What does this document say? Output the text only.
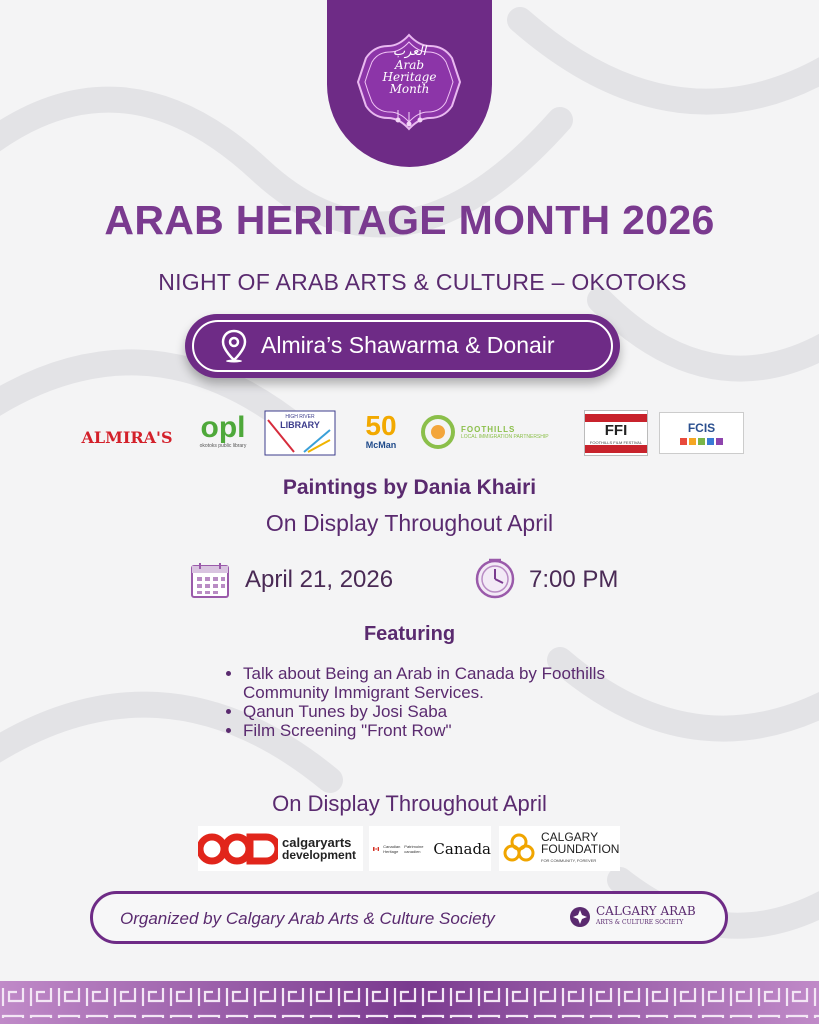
العرب
Arab
Heritage
Month
ARAB HERITAGE MONTH 2026
NIGHT OF ARAB ARTS & CULTURE – OKOTOKS
Almira’s Shawarma & Donair
ALMIRA'S opl
okotoks public library
HIGH RIVER
LIBRARY	50
McMan
FOOTHILLS
LOCAL IMMIGRATION PARTNERSHIP	FFI
FOOTHILLS FILM FESTIVAL
FCIS
Paintings by Dania Khairi
On Display Throughout April
April 21, 2026	7:00 PM
Featuring
• Talk about Being an Arab in Canada by Foothills Community Immigrant Services.
• Qanun Tunes by Josi Saba
• Film Screening "Front Row"
On Display Throughout April
calgaryarts
development
Canadian
Heritage
Patrimoine
canadien Canada
CALGARY
FOUNDATION
FOR COMMUNITY, FOREVER
Organized by Calgary Arab Arts & Culture Society	CALGARY ARAB
ARTS & CULTURE SOCIETY
